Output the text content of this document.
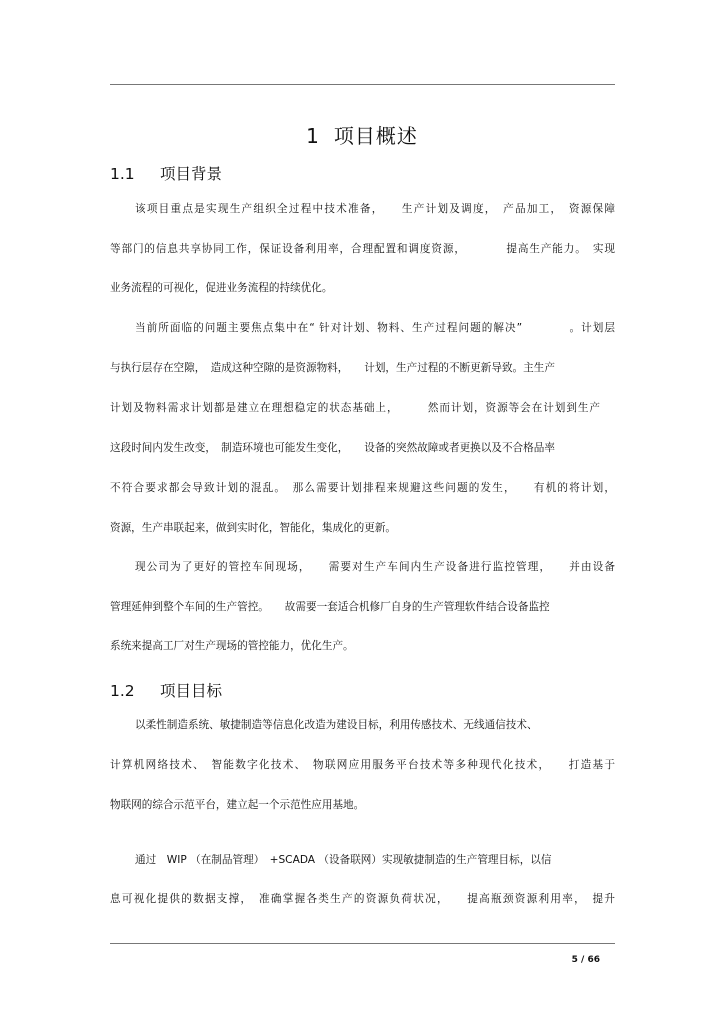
1 项目概述
1.1 项目背景
该项目重点是实现生产组织全过程中技术准备，　　生产计划及调度，　产品加工，　资源保障
等部门的信息共享协同工作，保证设备利用率，合理配置和调度资源，　　　　提高生产能力。　实现
业务流程的可视化，促进业务流程的持续优化。
当前所面临的问题主要焦点集中在“ 针对计划、物料、生产过程问题的解决”　　　　。计划层
与执行层存在空隙，　造成这种空隙的是资源物料，　　计划，生产过程的不断更新导致。主生产
计划及物料需求计划都是建立在理想稳定的状态基础上，　　　然而计划，资源等会在计划到生产
这段时间内发生改变，　制造环境也可能发生变化，　　设备的突然故障或者更换以及不合格品率
不符合要求都会导致计划的混乱。　那么需要计划排程来规避这些问题的发生，　　有机的将计划，
资源，生产串联起来，做到实时化，智能化，集成化的更新。
现公司为了更好的管控车间现场，　　需要对生产车间内生产设备进行监控管理，　　并由设备
管理延伸到整个车间的生产管控。　　故需要一套适合机修厂自身的生产管理软件结合设备监控
系统来提高工厂对生产现场的管控能力，优化生产。
1.2 项目目标
以柔性制造系统、敏捷制造等信息化改造为建设目标，利用传感技术、无线通信技术、
计算机网络技术、　智能数字化技术、　物联网应用服务平台技术等多种现代化技术，　　打造基于
物联网的综合示范平台，建立起一个示范性应用基地。
通过　WIP （在制品管理）　+SCADA （设备联网）实现敏捷制造的生产管理目标，以信
息可视化提供的数据支撑，　准确掌握各类生产的资源负荷状况，　　提高瓶颈资源利用率，　提升
5 / 66
